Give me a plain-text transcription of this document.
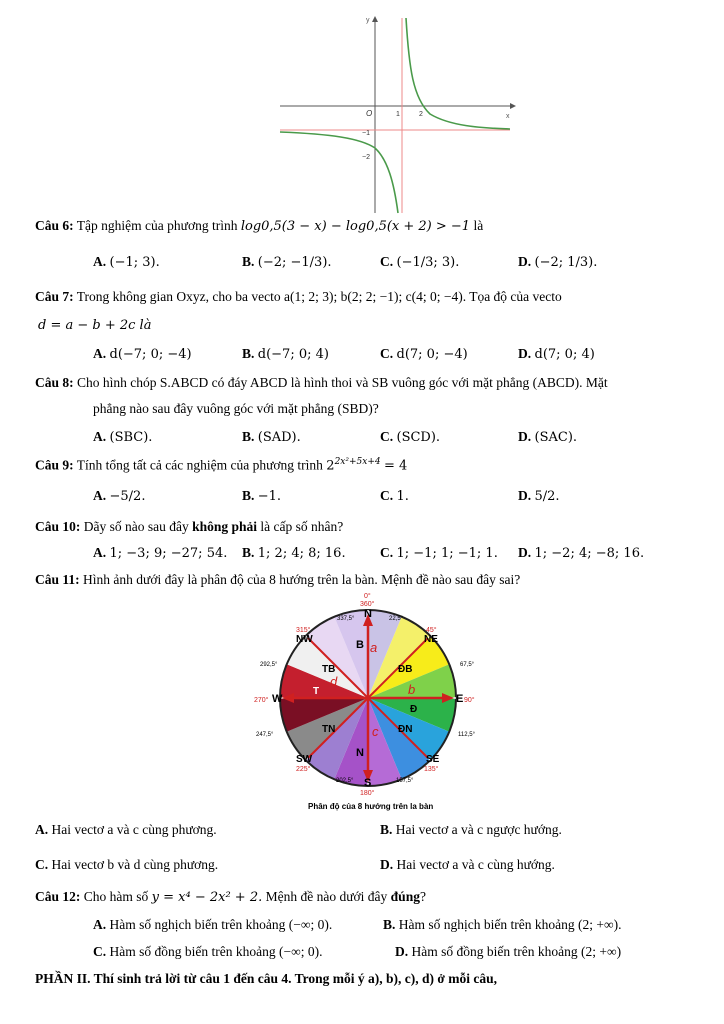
y
x
O	1	2
−1
−2
Câu 6: Tập nghiệm của phương trình log0,5(3 − x) − log0,5(x + 2) > −1 là
A. (−1; 3).	B. (−2; −1/3).	C. (−1/3; 3).	D. (−2; 1/3).
Câu 7: Trong không gian Oxyz, cho ba vecto a(1; 2; 3); b(2; 2; −1); c(4; 0; −4). Tọa độ của vecto
d = a − b + 2c là
A. d(−7; 0; −4)	B. d(−7; 0; 4)	C. d(7; 0; −4)	D. d(7; 0; 4)
Câu 8: Cho hình chóp S.ABCD có đáy ABCD là hình thoi và SB vuông góc với mặt phẳng (ABCD). Mặt
phẳng nào sau đây vuông góc với mặt phẳng (SBD)?
A. (SBC).	B. (SAD).	C. (SCD).	D. (SAC).
Câu 9: Tính tổng tất cả các nghiệm của phương trình $2^{2x^2+5x+4} = 4$
A. −5/2.	B. −1.	C. 1.	D. 5/2.
Câu 10: Dãy số nào sau đây không phải là cấp số nhân?
A. 1; −3; 9; −27; 54. B. 1; 2; 4; 8; 16.	C. 1; −1; 1; −1; 1. D. 1; −2; 4; −8; 16.
Câu 11: Hình ảnh dưới đây là phân độ của 8 hướng trên la bàn. Mệnh đề nào sau đây sai?
B
ĐB
TB
Đ
T
TN	ĐN
N
a
b
c
d
0°
360°
N
337,5°	22,5°
315°
NW
45°
NE
292,5°	67,5°
270° W	E 90°
247,5°	112,5°
SW
225°
SE
135°
202,5°	157,5°
S
180°
Phân độ của 8 hướng trên la bàn
A. Hai vectơ a và c cùng phương.	B. Hai vectơ a và c ngược hướng.
C. Hai vectơ b và d cùng phương.	D. Hai vectơ a và c cùng hướng.
Câu 12: Cho hàm số y = x⁴ − 2x² + 2. Mệnh đề nào dưới đây đúng?
A. Hàm số nghịch biến trên khoảng (−∞; 0).	B. Hàm số nghịch biến trên khoảng (2; +∞).
C. Hàm số đồng biến trên khoảng (−∞; 0).	D. Hàm số đồng biến trên khoảng (2; +∞)
PHẦN II. Thí sinh trả lời từ câu 1 đến câu 4. Trong mỗi ý a), b), c), d) ở mỗi câu,
